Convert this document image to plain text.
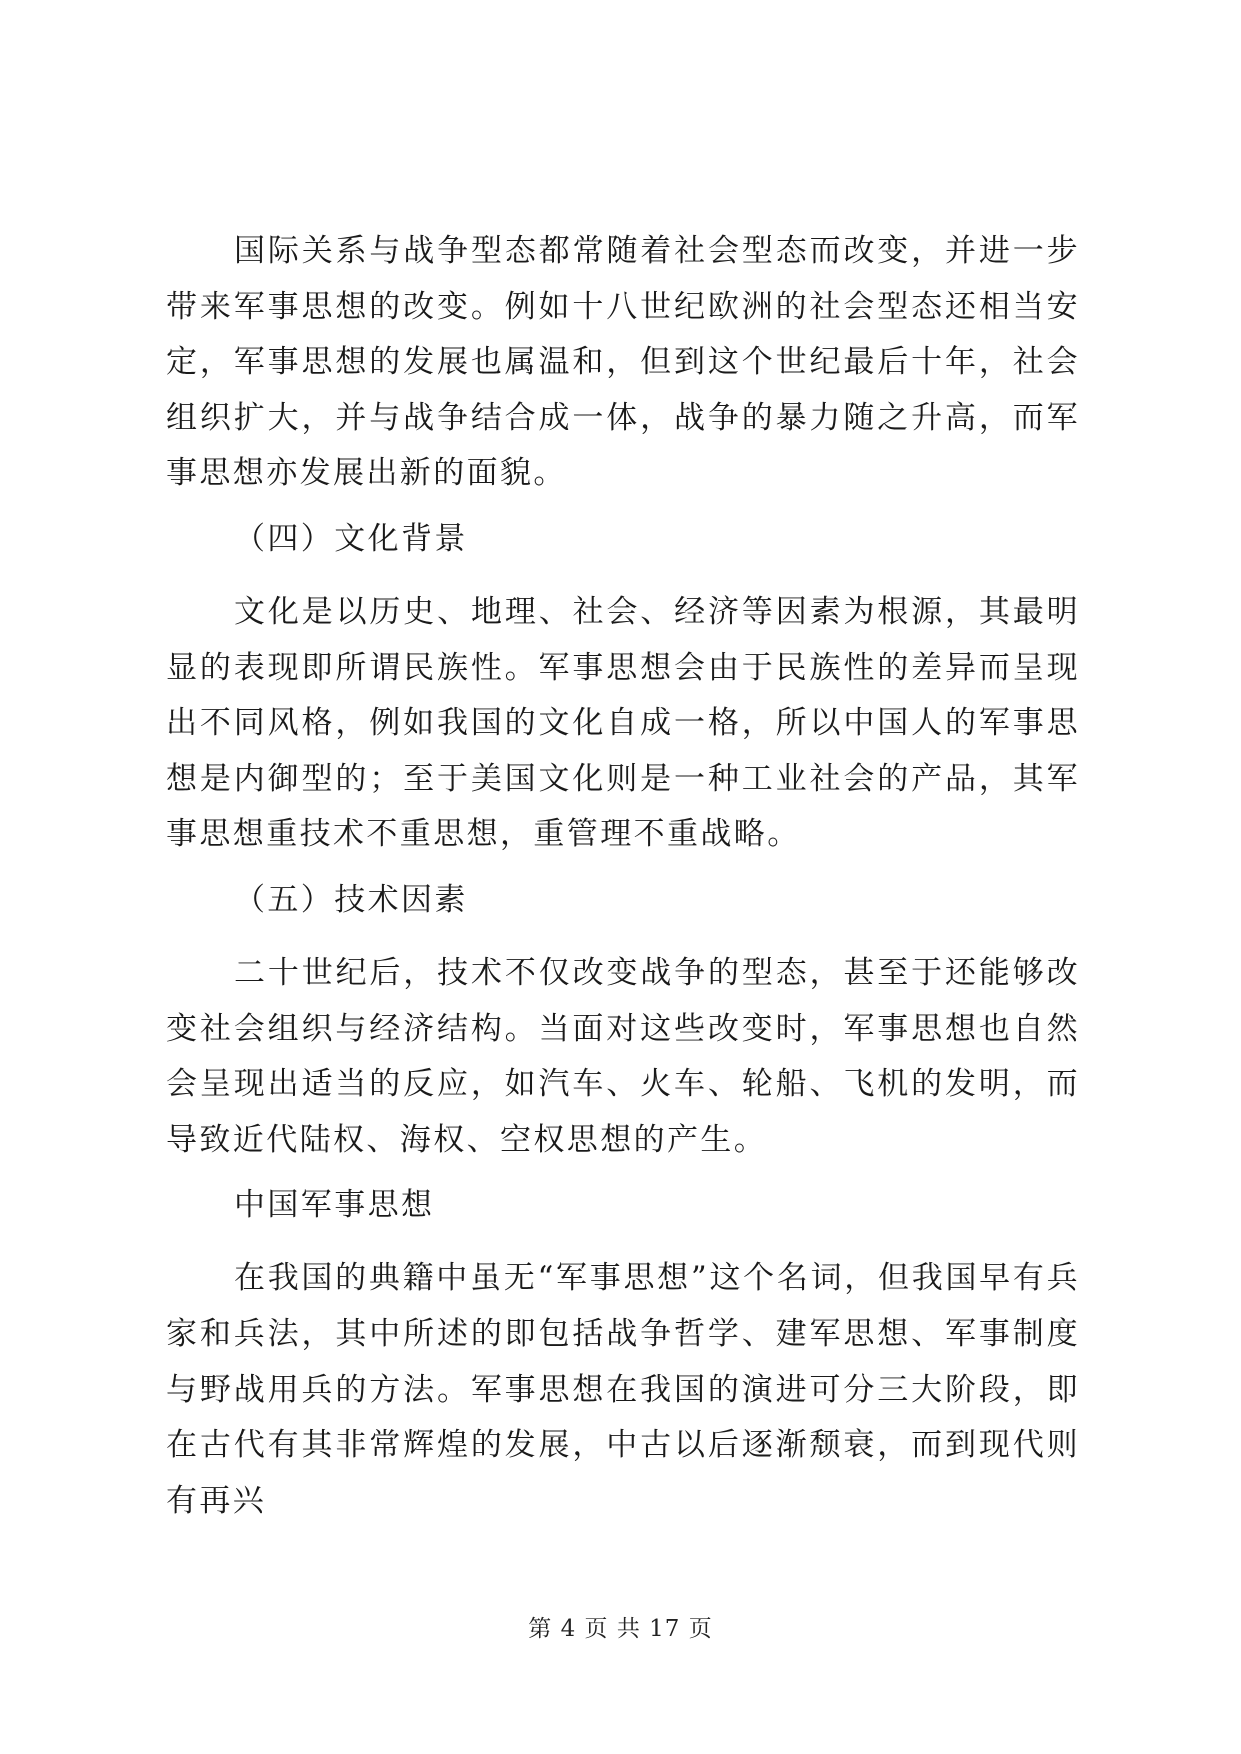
国际关系与战争型态都常随着社会型态而改变，并进一步带来军事思想的改变。例如十八世纪欧洲的社会型态还相当安定，军事思想的发展也属温和，但到这个世纪最后十年，社会组织扩大，并与战争结合成一体，战争的暴力随之升高，而军事思想亦发展出新的面貌。

（四）文化背景

文化是以历史、地理、社会、经济等因素为根源，其最明显的表现即所谓民族性。军事思想会由于民族性的差异而呈现出不同风格，例如我国的文化自成一格，所以中国人的军事思想是内御型的；至于美国文化则是一种工业社会的产品，其军事思想重技术不重思想，重管理不重战略。

（五）技术因素

二十世纪后，技术不仅改变战争的型态，甚至于还能够改变社会组织与经济结构。当面对这些改变时，军事思想也自然会呈现出适当的反应，如汽车、火车、轮船、飞机的发明，而导致近代陆权、海权、空权思想的产生。

中国军事思想

在我国的典籍中虽无“军事思想”这个名词，但我国早有兵家和兵法，其中所述的即包括战争哲学、建军思想、军事制度与野战用兵的方法。军事思想在我国的演进可分三大阶段，即在古代有其非常辉煌的发展，中古以后逐渐颓衰，而到现代则有再兴

第 4 页 共 17 页
